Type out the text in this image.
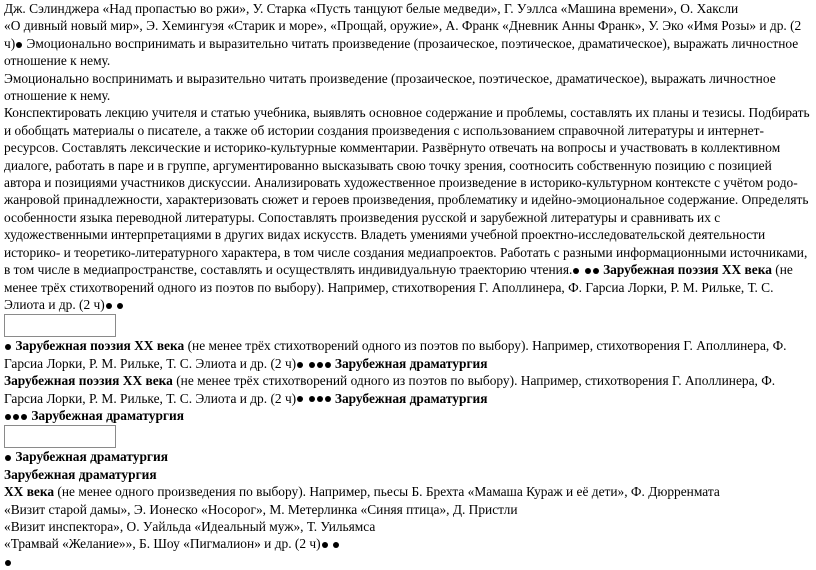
Дж. Сэлинджера «Над пропастью во ржи», У. Старка «Пусть танцуют белые медведи», Г. Уэллса «Машина времени», О. Хаксли

«О дивный новый мир», Э. Хемингуэя «Старик и море», «Прощай, оружие», А. Франк «Дневник Анны Франк», У. Эко «Имя Розы» и др. (2

ч) Эмоционально воспринимать и выразительно читать произведение (прозаическое, поэтическое, драматическое), выражать личностное

отношение к нему.

Эмоционально воспринимать и выразительно читать произведение (прозаическое, поэтическое, драматическое), выражать личностное отношение к нему.

Конспектировать лекцию учителя и статью учебника, выявлять основное содержание и проблемы, составлять их планы и тезисы. Подбирать и обобщать материалы о писателе, а также об истории создания произведения с использованием справочной литературы и интернет-ресурсов. Составлять лексические и историко-культурные комментарии. Развёрнуто отвечать на вопросы и участвовать в коллективном диалоге, работать в паре и в группе, аргументированно высказывать свою точку зрения, соотносить собственную позицию с позицией автора и позициями участников дискуссии. Анализировать художественное произведение в историко-культурном контексте с учётом родо-жанровой принадлежности, характеризовать сюжет и героев произведения, проблематику и идейно-эмоциональное содержание. Определять особенности языка переводной литературы. Сопоставлять произведения русской и зарубежной литературы и сравнивать их с художественными интерпретациями в других видах искусств. Владеть умениями учебной проектно-исследовательской деятельности историко- и теоретико-литературного характера, в том числе создания медиапроектов. Работать с разными информационными источниками, в том числе в медиапространстве, составлять и осуществлять индивидуальную траекторию чтения. Зарубежная поэзия XX века (не менее трёх стихотворений одного из поэтов по выбору). Например, стихотворения Г. Аполлинера, Ф. Гарсиа Лорки, Р. М. Рильке, Т. С. Элиота и др. (2 ч)

Зарубежная поэзия XX века (не менее трёх стихотворений одного из поэтов по выбору). Например, стихотворения Г. Аполлинера, Ф. Гарсиа Лорки, Р. М. Рильке, Т. С. Элиота и др. (2 ч)	Зарубежная драматургия

Зарубежная поэзия XX века (не менее трёх стихотворений одного из поэтов по выбору). Например, стихотворения Г. Аполлинера, Ф. Гарсиа Лорки, Р. М. Рильке, Т. С. Элиота и др. (2 ч)	Зарубежная драматургия

Зарубежная драматургия

Зарубежная драматургия

Зарубежная драматургия

XX века (не менее одного произведения по выбору). Например, пьесы Б. Брехта «Мамаша Кураж и её дети», Ф. Дюрренмата

«Визит старой дамы», Э. Ионеско «Носорог», М. Метерлинка «Синяя птица», Д. Пристли

«Визит инспектора», О. Уайльда «Идеальный муж», Т. Уильямса

«Трамвай «Желание»», Б. Шоу «Пигмалион» и др. (2 ч)
